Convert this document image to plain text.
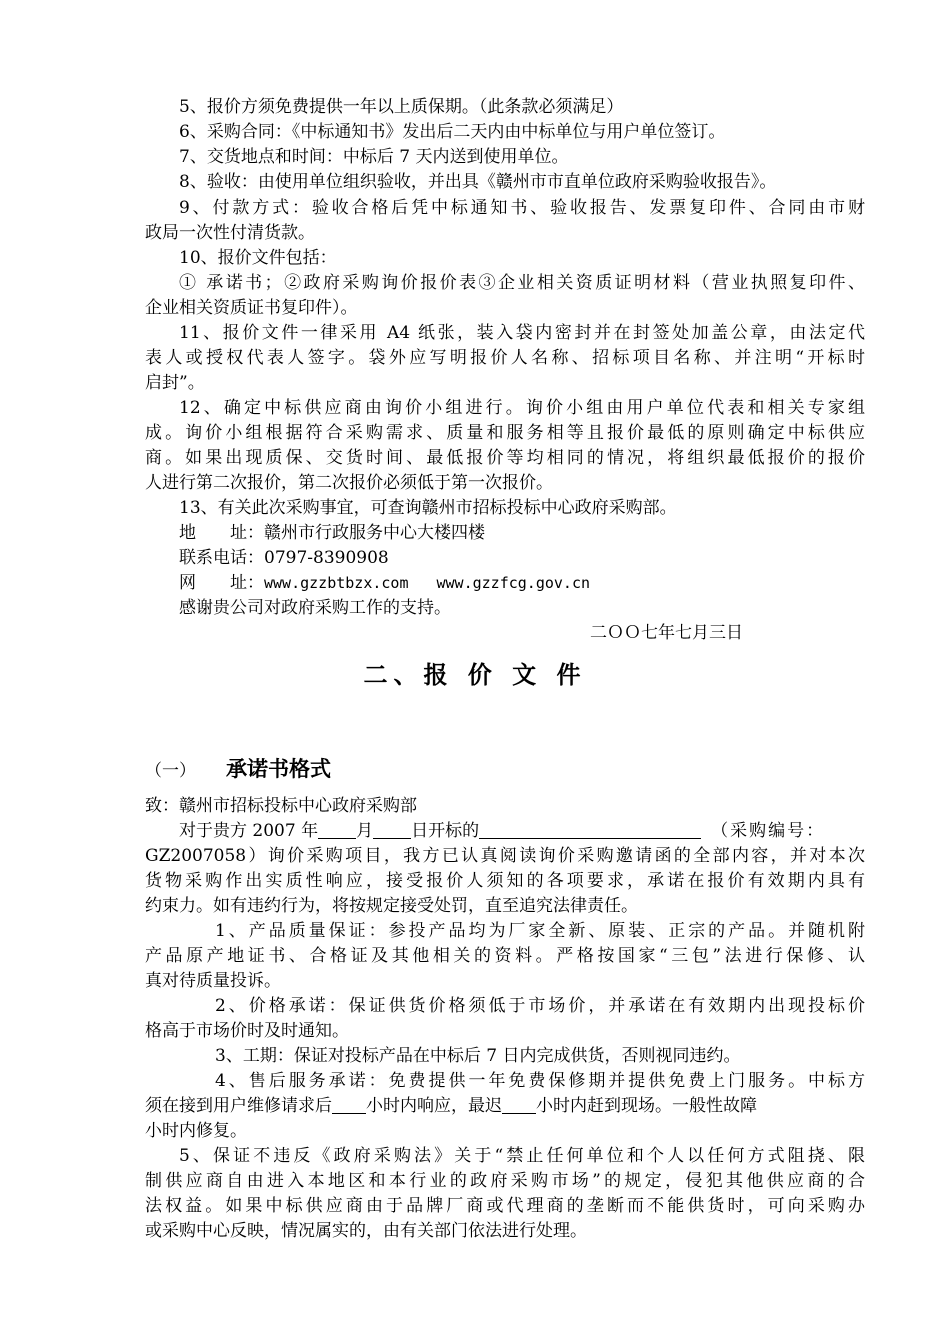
5、报价方须免费提供一年以上质保期。（此条款必须满足）
6、采购合同：《中标通知书》发出后二天内由中标单位与用户单位签订。
7、交货地点和时间：中标后 7 天内送到使用单位。
8、验收：由使用单位组织验收，并出具《赣州市市直单位政府采购验收报告》。
9、付款方式：验收合格后凭中标通知书、验收报告、发票复印件、合同由市财
政局一次性付清货款。
10、报价文件包括：
① 承诺书；②政府采购询价报价表③企业相关资质证明材料（营业执照复印件、
企业相关资质证书复印件）。
11、报价文件一律采用 A4 纸张，装入袋内密封并在封签处加盖公章，由法定代
表人或授权代表人签字。袋外应写明报价人名称、招标项目名称、并注明“开标时
启封”。
12、确定中标供应商由询价小组进行。询价小组由用户单位代表和相关专家组
成。询价小组根据符合采购需求、质量和服务相等且报价最低的原则确定中标供应
商。如果出现质保、交货时间、最低报价等均相同的情况，将组织最低报价的报价
人进行第二次报价，第二次报价必须低于第一次报价。
13、有关此次采购事宜，可查询赣州市招标投标中心政府采购部。
地　　址：赣州市行政服务中心大楼四楼
联系电话：0797-8390908
网　　址：www.gzzbtbzx.com www.gzzfcg.gov.cn
感谢贵公司对政府采购工作的支持。
二ＯＯ七年七月三日
二、报 价 文 件
（一） 承诺书格式
致：赣州市招标投标中心政府采购部
对于贵方 2007 年 月 日开标的	（采购编号：
GZ2007058）询价采购项目，我方已认真阅读询价采购邀请函的全部内容，并对本次
货物采购作出实质性响应，接受报价人须知的各项要求，承诺在报价有效期内具有
约束力。如有违约行为，将按规定接受处罚，直至追究法律责任。
1、产品质量保证：参投产品均为厂家全新、原装、正宗的产品。并随机附
产品原产地证书、合格证及其他相关的资料。严格按国家“三包”法进行保修、认
真对待质量投诉。
2、价格承诺：保证供货价格须低于市场价，并承诺在有效期内出现投标价
格高于市场价时及时通知。
3、工期：保证对投标产品在中标后 7 日内完成供货，否则视同违约。
4、售后服务承诺：免费提供一年免费保修期并提供免费上门服务。中标方
须在接到用户维修请求后 小时内响应，最迟 小时内赶到现场。一般性故障
小时内修复。
5、保证不违反《政府采购法》关于“禁止任何单位和个人以任何方式阻挠、限
制供应商自由进入本地区和本行业的政府采购市场”的规定，侵犯其他供应商的合
法权益。如果中标供应商由于品牌厂商或代理商的垄断而不能供货时，可向采购办
或采购中心反映，情况属实的，由有关部门依法进行处理。
